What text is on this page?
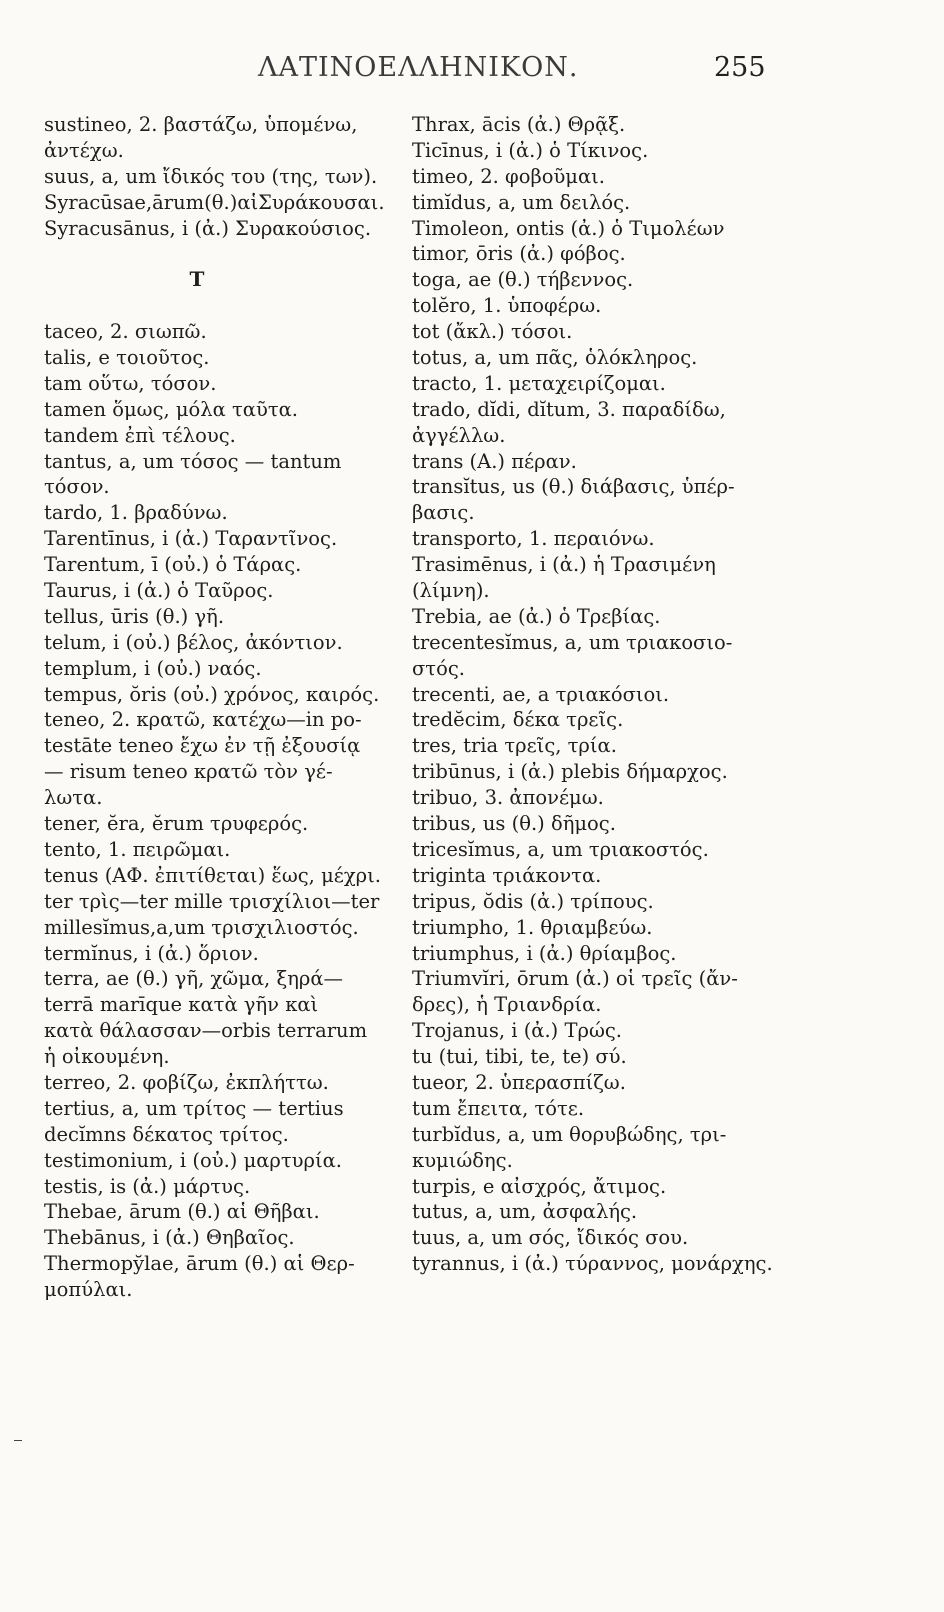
ΛΑΤΙΝΟΕΛΛΗΝΙΚΟΝ.	255
sustineo, 2. βαστάζω, ὑπομένω,
ἀντέχω.
suus, a, um ἴδικός του (της, των).
Syracūsae,ārum(θ.)αἱΣυράκουσαι.
Syracusānus, i (ἀ.) Συρακούσιος.
T
taceo, 2. σιωπῶ.
talis, e τοιοῦτος.
tam οὕτω, τόσον.
tamen ὅμως, μόλα ταῦτα.
tandem ἐπὶ τέλους.
tantus, a, um τόσος — tantum
τόσον.
tardo, 1. βραδύνω.
Tarentīnus, i (ἀ.) Ταραντῖνος.
Tarentum, ī (οὐ.) ὁ Τάρας.
Taurus, i (ἀ.) ὁ Ταῦρος.
tellus, ūris (θ.) γῆ.
telum, i (οὐ.) βέλος, ἀκόντιον.
templum, i (οὐ.) ναός.
tempus, ŏris (οὐ.) χρόνος, καιρός.
teneo, 2. κρατῶ, κατέχω—in po-
testāte teneo ἔχω ἐν τῇ ἐξουσίᾳ
— risum teneo κρατῶ τὸν γέ-
λωτα.
tener, ĕra, ĕrum τρυφερός.
tento, 1. πειρῶμαι.
tenus (ΑΦ. ἐπιτίθεται) ἕως, μέχρι.
ter τρὶς—ter mille τρισχίλιοι—ter
millesĭmus,a,um τρισχιλιοστός.
termĭnus, i (ἀ.) ὅριον.
terra, ae (θ.) γῆ, χῶμα, ξηρά—
terrā marīque κατὰ γῆν καὶ
κατὰ θάλασσαν—orbis terrarum
ἡ οἰκουμένη.
terreo, 2. φοβίζω, ἐκπλήττω.
tertius, a, um τρίτος — tertius
decĭmns δέκατος τρίτος.
testimonium, i (οὐ.) μαρτυρία.
testis, is (ἀ.) μάρτυς.
Thebae, ārum (θ.) αἱ Θῆβαι.
Thebānus, i (ἀ.) Θηβαῖος.
Thermopy̆lae, ārum (θ.) αἱ Θερ-
μοπύλαι.
Thrax, ācis (ἀ.) Θρᾷξ.
Ticīnus, i (ἀ.) ὁ Τίκινος.
timeo, 2. φοβοῦμαι.
timĭdus, a, um δειλός.
Timoleon, ontis (ἀ.) ὁ Τιμολέων
timor, ōris (ἀ.) φόβος.
toga, ae (θ.) τήβεννος.
tolĕro, 1. ὑποφέρω.
tot (ἄκλ.) τόσοι.
totus, a, um πᾶς, ὁλόκληρος.
tracto, 1. μεταχειρίζομαι.
trado, dĭdi, dĭtum, 3. παραδίδω,
ἀγγέλλω.
trans (A.) πέραν.
transĭtus, us (θ.) διάβασις, ὑπέρ-
βασις.
transporto, 1. περαιόνω.
Trasimēnus, i (ἀ.) ἡ Τρασιμένη
(λίμνη).
Trebia, ae (ἀ.) ὁ Τρεβίας.
trecentesĭmus, a, um τριακοσιο-
στός.
trecenti, ae, a τριακόσιοι.
tredĕcim, δέκα τρεῖς.
tres, tria τρεῖς, τρία.
tribūnus, i (ἀ.) plebis δήμαρχος.
tribuo, 3. ἀπονέμω.
tribus, us (θ.) δῆμος.
tricesĭmus, a, um τριακοστός.
triginta τριάκοντα.
tripus, ŏdis (ἀ.) τρίπους.
triumpho, 1. θριαμβεύω.
triumphus, i (ἀ.) θρίαμβος.
Triumvĭri, ōrum (ἀ.) οἱ τρεῖς (ἄν-
δρες), ἡ Τριανδρία.
Trojanus, i (ἀ.) Τρώς.
tu (tui, tibi, te, te) σύ.
tueor, 2. ὑπερασπίζω.
tum ἔπειτα, τότε.
turbĭdus, a, um θορυβώδης, τρι-
κυμιώδης.
turpis, e αἰσχρός, ἄτιμος.
tutus, a, um, ἀσφαλής.
tuus, a, um σός, ἴδικός σου.
tyrannus, i (ἀ.) τύραννος, μονάρχης.
